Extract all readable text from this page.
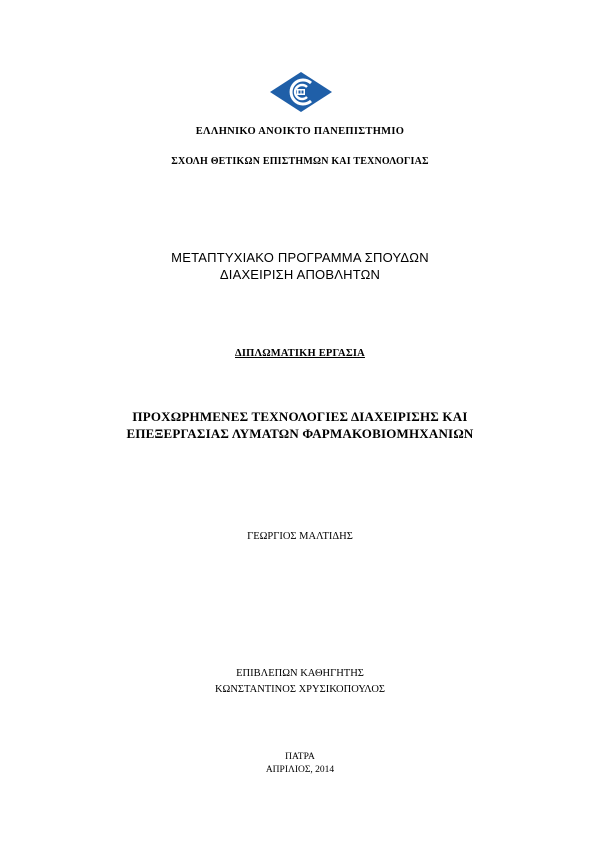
ΕΛΛΗΝΙΚΟ ΑΝΟΙΚΤΟ ΠΑΝΕΠΙΣΤΗΜΙΟ
ΣΧΟΛΗ ΘΕΤΙΚΩΝ ΕΠΙΣΤΗΜΩΝ ΚΑΙ ΤΕΧΝΟΛΟΓΙΑΣ
ΜΕΤΑΠΤΥΧΙΑΚΟ ΠΡΟΓΡΑΜΜΑ ΣΠΟΥΔΩΝ
ΔΙΑΧΕΙΡΙΣΗ ΑΠΟΒΛΗΤΩΝ
ΔΙΠΛΩΜΑΤΙΚΗ ΕΡΓΑΣΙΑ
ΠΡΟΧΩΡΗΜΕΝΕΣ ΤΕΧΝΟΛΟΓΙΕΣ ΔΙΑΧΕΙΡΙΣΗΣ ΚΑΙ
ΕΠΕΞΕΡΓΑΣΙΑΣ ΛΥΜΑΤΩΝ ΦΑΡΜΑΚΟΒΙΟΜΗΧΑΝΙΩΝ
ΓΕΩΡΓΙΟΣ ΜΑΛΤΙΔΗΣ
ΕΠΙΒΛΕΠΩΝ ΚΑΘΗΓΗΤΗΣ
ΚΩΝΣΤΑΝΤΙΝΟΣ ΧΡΥΣΙΚΟΠΟΥΛΟΣ
ΠΑΤΡΑ
ΑΠΡΙΛΙΟΣ, 2014
